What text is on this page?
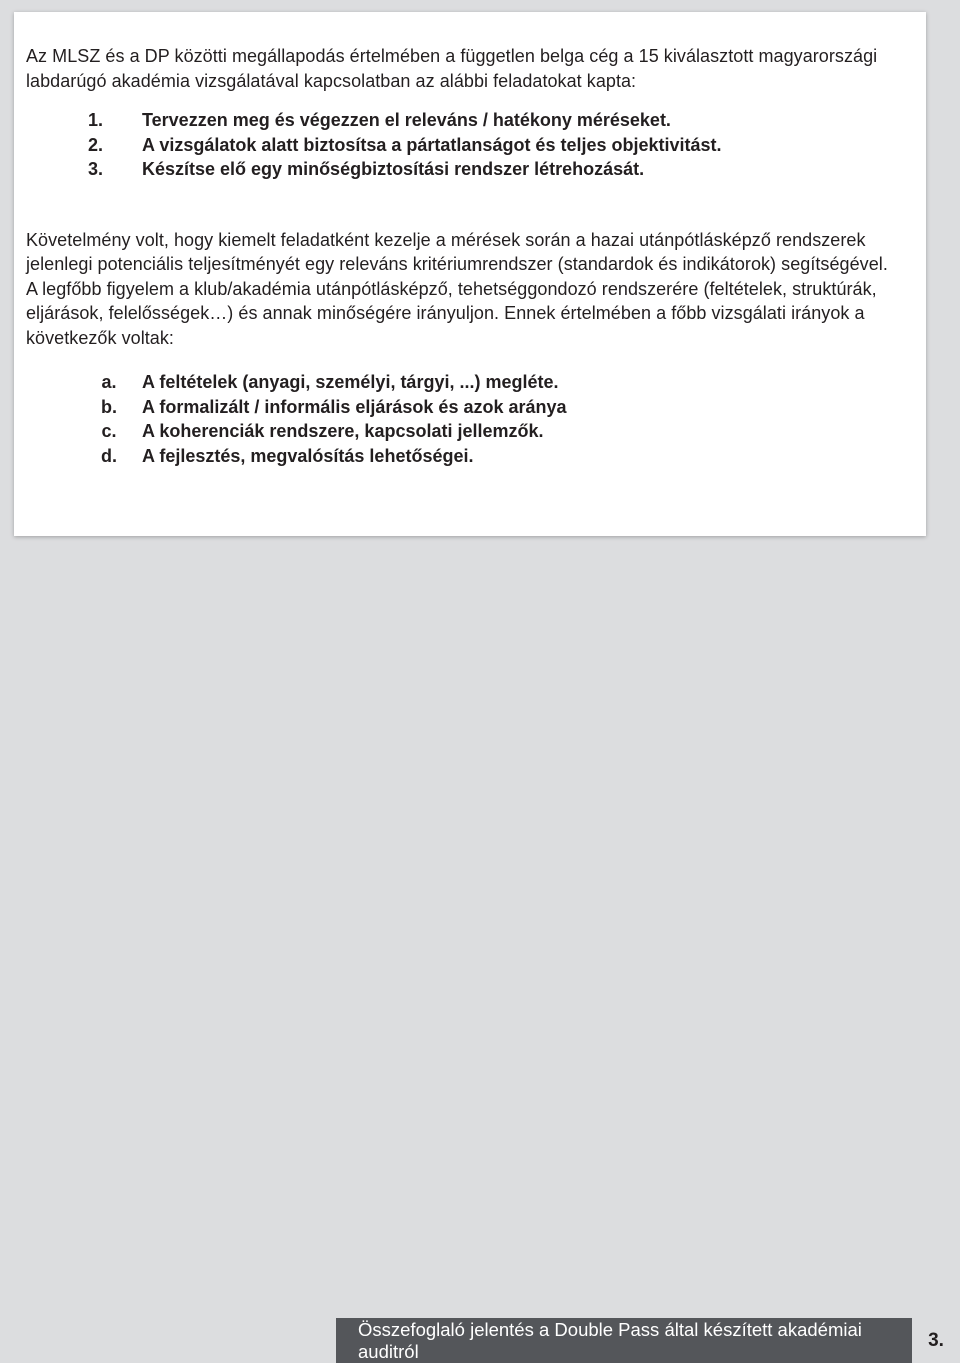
Az MLSZ és a DP közötti megállapodás értelmében a független belga cég a 15 kiválasztott magyarországi labdarúgó akadémia vizsgálatával kapcsolatban az alábbi feladatokat kapta:

1.	Tervezzen meg és végezzen el releváns / hatékony méréseket.
2.	A vizsgálatok alatt biztosítsa a pártatlanságot és teljes objektivitást.
3.	Készítse elő egy minőségbiztosítási rendszer létrehozását.

Követelmény volt, hogy kiemelt feladatként kezelje a mérések során a hazai utánpótlásképző rendszerek jelenlegi potenciális teljesítményét egy releváns kritériumrendszer (standardok és indikátorok) segítségével. A legfőbb figyelem a klub/akadémia utánpótlásképző, tehetséggondozó rendszerére (feltételek, struktúrák, eljárások, felelősségek…) és annak minőségére irányuljon. Ennek értelmében a főbb vizsgálati irányok a következők voltak:

a.	A feltételek (anyagi, személyi, tárgyi, ...) megléte.
b.	A formalizált / informális eljárások és azok aránya
c.	A koherenciák rendszere, kapcsolati jellemzők.
d.	A fejlesztés, megvalósítás lehetőségei.
Összefoglaló jelentés a Double Pass által készített akadémiai auditról
3.
